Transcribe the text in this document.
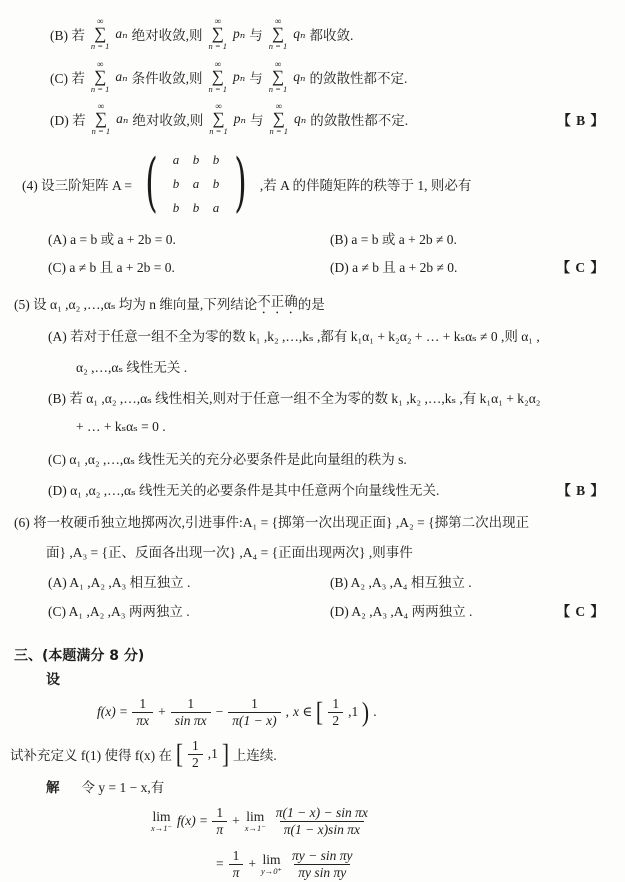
(B) 若
∞
∑
n = 1
aₙ 绝对收敛,则
∞
∑
n = 1
pₙ 与
∞
∑
n = 1
qₙ 都收敛.
(C) 若
∞
∑
n = 1
aₙ 条件收敛,则
∞
∑
n = 1
pₙ 与
∞
∑
n = 1
qₙ 的敛散性都不定.
(D) 若
∞
∑
n = 1
aₙ 绝对收敛,则
∞
∑
n = 1
pₙ 与
∞
∑
n = 1
qₙ 的敛散性都不定.	【 B 】
(4) 设三阶矩阵 A = (	a	b	b
b	a	b
b	b	a ) ,若 A 的伴随矩阵的秩等于 1, 则必有
(A) a = b 或 a + 2b = 0.	(B) a = b 或 a + 2b ≠ 0.
(C) a ≠ b 且 a + 2b = 0.	(D) a ≠ b 且 a + 2b ≠ 0.	【 C 】
(5) 设 α₁ ,α₂ ,…,αₛ 均为 n 维向量,下列结论 不正确 的是
(A) 若对于任意一组不全为零的数 k₁ ,k₂ ,…,kₛ ,都有 k₁α₁ + k₂α₂ + … + kₛαₛ ≠ 0 ,则 α₁ ,
α₂ ,…,αₛ 线性无关 .
(B) 若 α₁ ,α₂ ,…,αₛ 线性相关,则对于任意一组不全为零的数 k₁ ,k₂ ,…,kₛ ,有 k₁α₁ + k₂α₂
+ … + kₛαₛ = 0 .
(C) α₁ ,α₂ ,…,αₛ 线性无关的充分必要条件是此向量组的秩为 s.
(D) α₁ ,α₂ ,…,αₛ 线性无关的必要条件是其中任意两个向量线性无关.	【 B 】
(6) 将一枚硬币独立地掷两次,引进事件:A₁ = {掷第一次出现正面} ,A₂ = {掷第二次出现正
面} ,A₃ = {正、反面各出现一次} ,A₄ = {正面出现两次} ,则事件
(A) A₁ ,A₂ ,A₃ 相互独立 .	(B) A₂ ,A₃ ,A₄ 相互独立 .
(C) A₁ ,A₂ ,A₃ 两两独立 .	(D) A₂ ,A₃ ,A₄ 两两独立 .	【 C 】
三、(本题满分 8 分)
设
$f(x) = \frac{1}{\pi x} + \frac{1}{\text{sin πx}} - \frac{1}{\pi(1 - x)}$ , x ∈ [ $\frac{1}{2} ,1$ ) .
试补充定义 f(1) 使得 f(x) 在 [ $\frac{1}{2} ,1$ ] 上连续.
解 令 y = 1 − x,有
lim
x→1⁻ $f(x) = \frac{1}{\pi} + \lim$
$x\to 1^- \frac{\text{π(1 − x) − sin πx}}{\text{π(1 − x)sin πx}}$
= $\frac{1}{\pi} + \lim$
$y\to 0^+ \frac{\text{πy − sin πy}}{\text{πy sin πy}}$
